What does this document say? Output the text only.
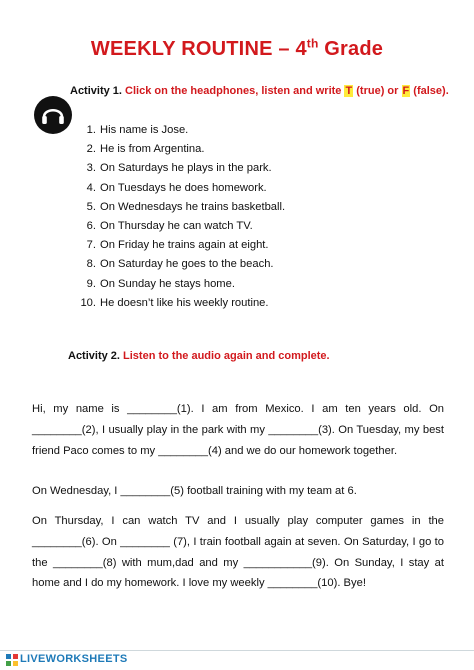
WEEKLY ROUTINE – 4th Grade
Activity 1. Click on the headphones, listen and write T (true) or F (false).
1. His name is Jose.
2. He is from Argentina.
3. On Saturdays he plays in the park.
4. On Tuesdays he does homework.
5. On Wednesdays he trains basketball.
6. On Thursday he can watch TV.
7. On Friday he trains again at eight.
8. On Saturday he goes to the beach.
9. On Sunday he stays home.
10. He doesn’t like his weekly routine.
Activity 2. Listen to the audio again and complete.

Hi, my name is ________(1). I am from Mexico. I am ten years old. On ________(2), I usually play in the park with my ________(3). On Tuesday, my best friend Paco comes to my ________(4) and we do our homework together.

On Wednesday, I ________(5) football training with my team at 6.

On Thursday, I can watch TV and I usually play computer games in the ________(6). On ________ (7), I train football again at seven. On Saturday, I go to the ________(8) with mum,dad and my ___________(9). On Sunday, I stay at home and I do my homework. I love my weekly ________(10). Bye!

LIVEWORKSHEETS
